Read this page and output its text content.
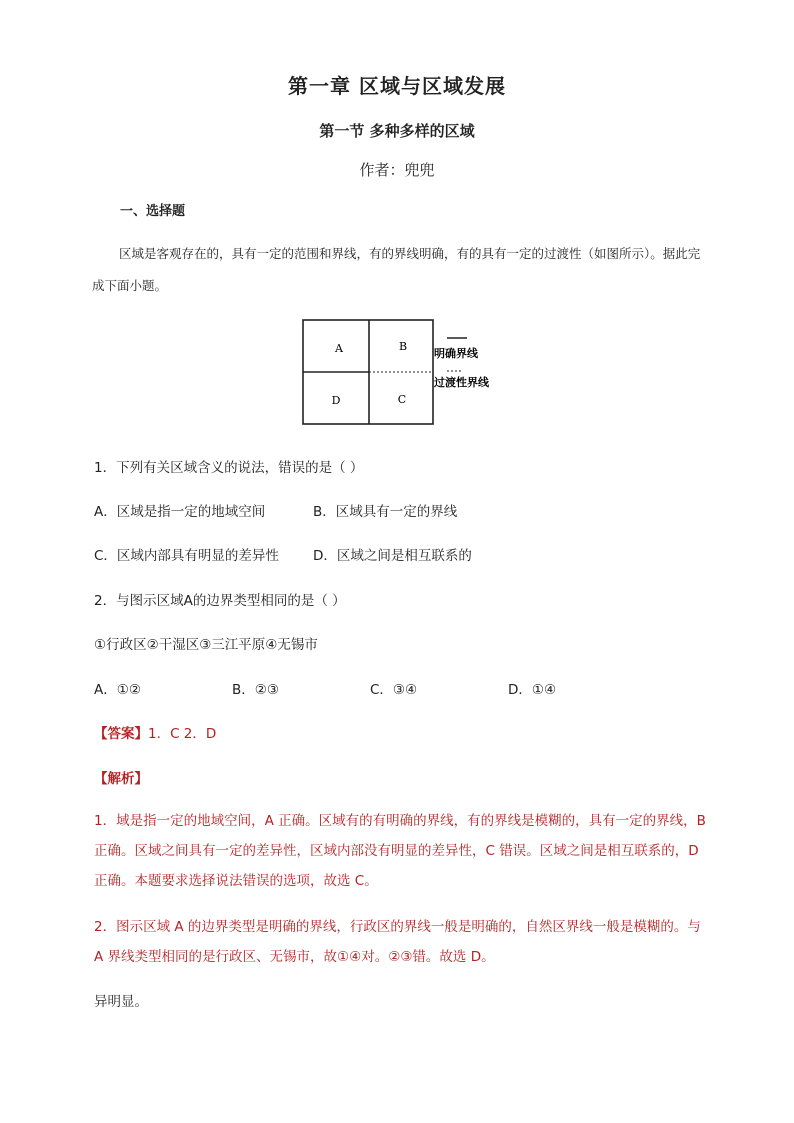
第一章 区域与区域发展
第一节 多种多样的区域
作者：兜兜
一、选择题
区域是客观存在的，具有一定的范围和界线，有的界线明确，有的具有一定的过渡性（如图所示）。据此完成下面小题。
A	B
D	C
明确界线
过渡性界线
1．下列有关区域含义的说法，错误的是（ ）
A．区域是指一定的地域空间	B．区域具有一定的界线
C．区域内部具有明显的差异性	D．区域之间是相互联系的
2．与图示区域A的边界类型相同的是（ ）
①行政区②干湿区③三江平原④无锡市
A．①②	B．②③	C．③④	D．①④
【答案】1．C 2．D
【解析】
1．域是指一定的地域空间，A 正确。区域有的有明确的界线，有的界线是模糊的，具有一定的界线，B 正确。区域之间具有一定的差异性，区域内部没有明显的差异性，C 错误。区域之间是相互联系的，D 正确。本题要求选择说法错误的选项，故选 C。
2．图示区域 A 的边界类型是明确的界线，行政区的界线一般是明确的，自然区界线一般是模糊的。与 A 界线类型相同的是行政区、无锡市，故①④对。②③错。故选 D。
异明显。
